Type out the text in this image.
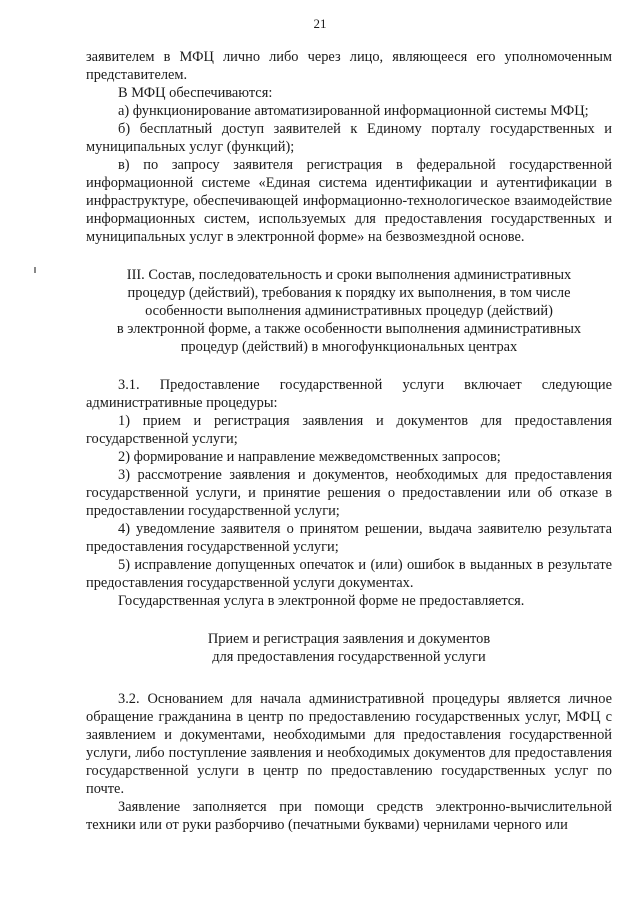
21

заявителем в МФЦ лично либо через лицо, являющееся его уполномоченным представителем.

В МФЦ обеспечиваются:

а) функционирование автоматизированной информационной системы МФЦ;

б) бесплатный доступ заявителей к Единому порталу государственных и муниципальных услуг (функций);

в) по запросу заявителя регистрация в федеральной государственной информационной системе «Единая система идентификации и аутентификации в инфраструктуре, обеспечивающей информационно-технологическое взаимодействие информационных систем, используемых для предоставления государственных и муниципальных услуг в электронной форме» на безвозмездной основе.

III. Состав, последовательность и сроки выполнения административных
процедур (действий), требования к порядку их выполнения, в том числе
особенности выполнения административных процедур (действий)
в электронной форме, а также особенности выполнения административных
процедур (действий) в многофункциональных центрах

3.1. Предоставление государственной услуги включает следующие административные процедуры:

1) прием и регистрация заявления и документов для предоставления государственной услуги;

2) формирование и направление межведомственных запросов;

3) рассмотрение заявления и документов, необходимых для предоставления государственной услуги, и принятие решения о предоставлении или об отказе в предоставлении государственной услуги;

4) уведомление заявителя о принятом решении, выдача заявителю результата предоставления государственной услуги;

5) исправление допущенных опечаток и (или) ошибок в выданных в результате предоставления государственной услуги документах.

Государственная услуга в электронной форме не предоставляется.

Прием и регистрация заявления и документов
для предоставления государственной услуги

3.2. Основанием для начала административной процедуры является личное обращение гражданина в центр по предоставлению государственных услуг, МФЦ с заявлением и документами, необходимыми для предоставления государственной услуги, либо поступление заявления и необходимых документов для предоставления государственной услуги в центр по предоставлению государственных услуг по почте.

Заявление заполняется при помощи средств электронно-вычислительной техники или от руки разборчиво (печатными буквами) чернилами черного или
